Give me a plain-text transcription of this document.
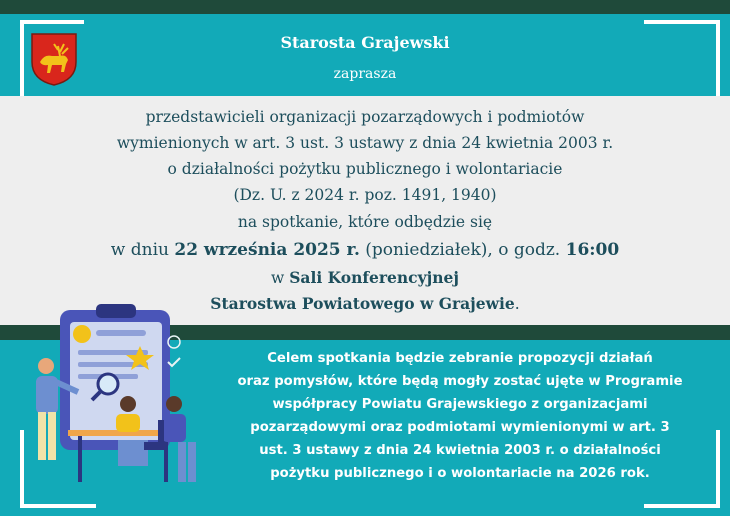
Starosta Grajewski
zaprasza
przedstawicieli organizacji pozarządowych i podmiotów
wymienionych w art. 3 ust. 3 ustawy z dnia 24 kwietnia 2003 r.
o działalności pożytku publicznego i wolontariacie
(Dz. U. z 2024 r. poz. 1491, 1940)
na spotkanie, które odbędzie się
w dniu 22 września 2025 r. (poniedziałek), o godz. 16:00
w Sali Konferencyjnej
Starostwa Powiatowego w Grajewie.
Celem spotkania będzie zebranie propozycji działań
oraz pomysłów, które będą mogły zostać ujęte w Programie
współpracy Powiatu Grajewskiego z organizacjami
pozarządowymi oraz podmiotami wymienionymi w art. 3
ust. 3 ustawy z dnia 24 kwietnia 2003 r. o działalności
pożytku publicznego i o wolontariacie na 2026 rok.
